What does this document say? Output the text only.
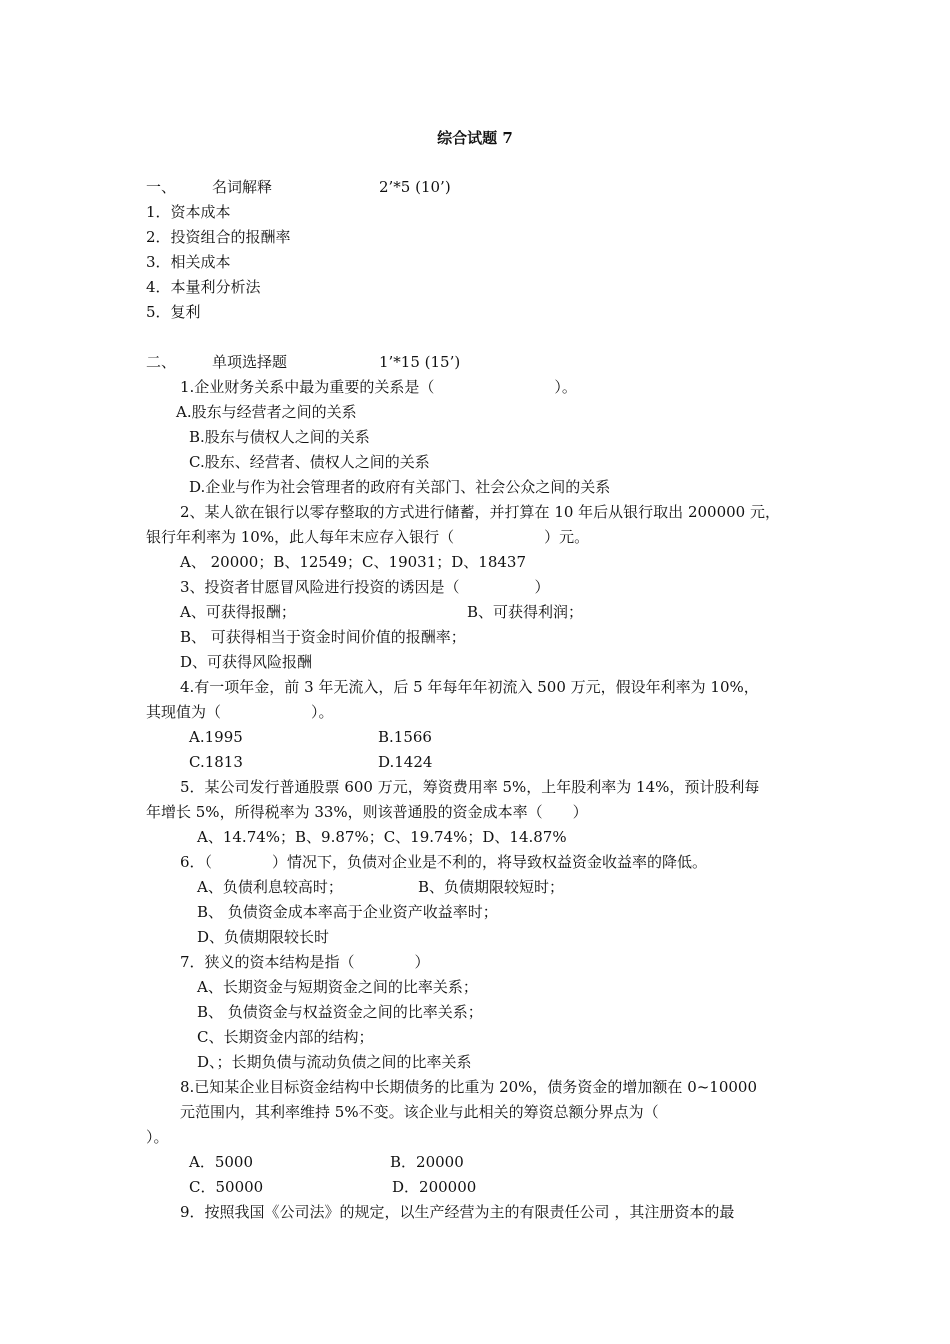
综合试题 7
一、 名词解释	2’*5 (10’)
1．资本成本
2．投资组合的报酬率
3．相关成本
4．本量利分析法
5．复利
二、 单项选择题	1’*15 (15’)
1.企业财务关系中最为重要的关系是（　　　　　　　　）。
A.股东与经营者之间的关系
B.股东与债权人之间的关系
C.股东、经营者、债权人之间的关系
D.企业与作为社会管理者的政府有关部门、社会公众之间的关系
2、某人欲在银行以零存整取的方式进行储蓄，并打算在 10 年后从银行取出 200000 元，
银行年利率为 10%，此人每年末应存入银行（　　　　　　）元。
A、 20000；B、12549；C、19031；D、18437
3、投资者甘愿冒风险进行投资的诱因是（　　　　　）
A、可获得报酬；	B、可获得利润；
B、 可获得相当于资金时间价值的报酬率；
D、可获得风险报酬
4.有一项年金，前 3 年无流入，后 5 年每年年初流入 500 万元，假设年利率为 10%，
其现值为（　　　　　　）。
A.1995	B.1566
C.1813	D.1424
5．某公司发行普通股票 600 万元，筹资费用率 5%，上年股利率为 14%，预计股利每
年增长 5%，所得税率为 33%，则该普通股的资金成本率（　　）
A、14.74%；B、9.87%；C、19.74%；D、14.87%
6．（　　　　）情况下，负债对企业是不利的，将导致权益资金收益率的降低。
A、负债利息较高时；	B、负债期限较短时；
B、 负债资金成本率高于企业资产收益率时；
D、负债期限较长时
7．狭义的资本结构是指（　　　　）
A、长期资金与短期资金之间的比率关系；
B、 负债资金与权益资金之间的比率关系；
C、长期资金内部的结构；
D、；长期负债与流动负债之间的比率关系
8.已知某企业目标资金结构中长期债务的比重为 20%，债务资金的增加额在 0~10000
元范围内，其利率维持 5%不变。该企业与此相关的筹资总额分界点为（
）。
A．5000	B．20000
C．50000	D．200000
9．按照我国《公司法》的规定，以生产经营为主的有限责任公司 ，其注册资本的最
